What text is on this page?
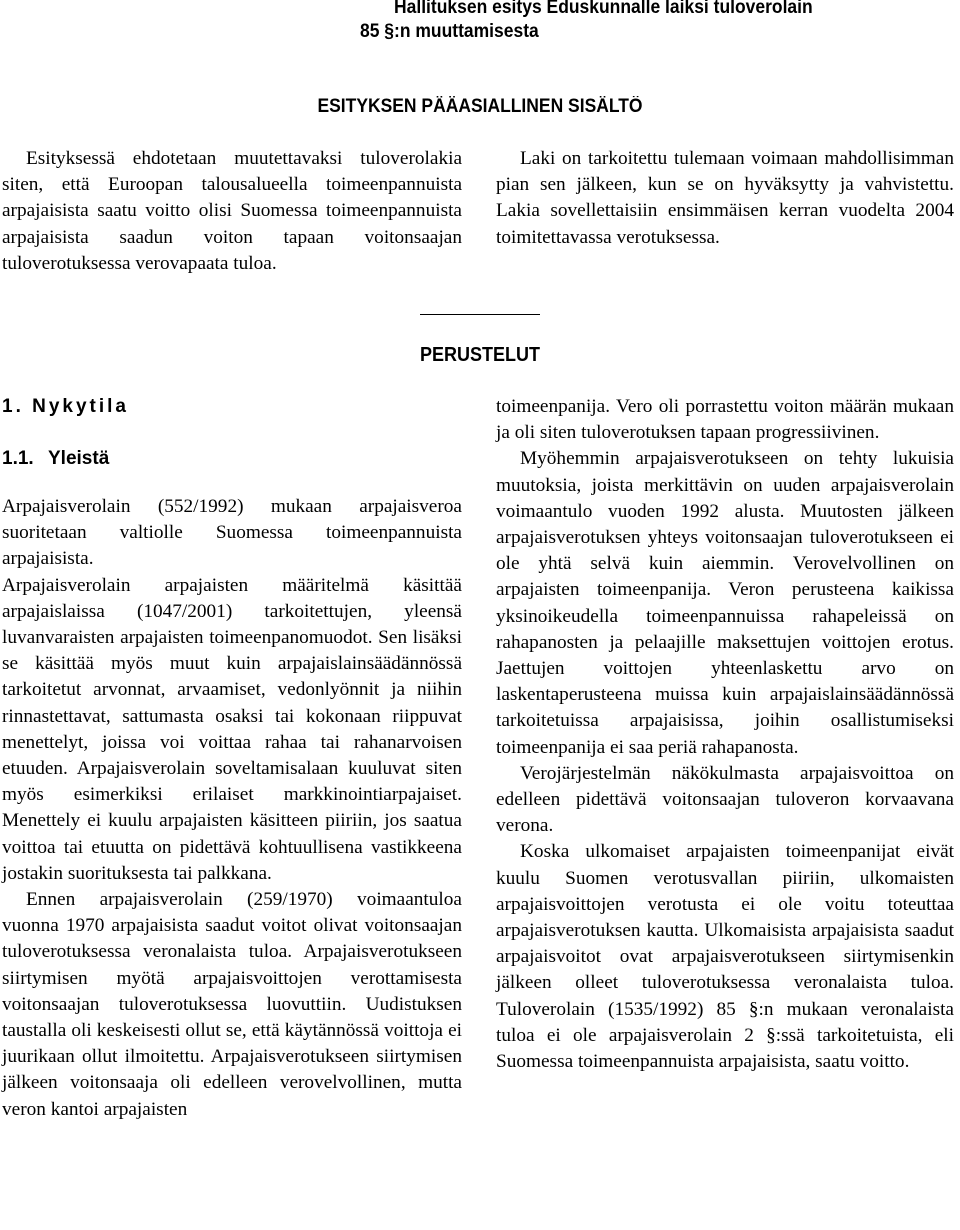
Hallituksen esitys Eduskunnalle laiksi tuloverolain
85 §:n muuttamisesta
ESITYKSEN PÄÄASIALLINEN SISÄLTÖ

Esityksessä ehdotetaan muutettavaksi tuloverolakia siten, että Euroopan talousalueella toimeenpannuista arpajaisista saatu voitto olisi Suomessa toimeenpannuista arpajaisista saadun voiton tapaan voitonsaajan tuloverotuksessa verovapaata tuloa.

Laki on tarkoitettu tulemaan voimaan mahdollisimman pian sen jälkeen, kun se on hyväksytty ja vahvistettu. Lakia sovellettaisiin ensimmäisen kerran vuodelta 2004 toimitettavassa verotuksessa.

PERUSTELUT
1. Nykytila
1.1. Yleistä

Arpajaisverolain (552/1992) mukaan arpajaisveroa suoritetaan valtiolle Suomessa toimeenpannuista arpajaisista.

Arpajaisverolain arpajaisten määritelmä käsittää arpajaislaissa (1047/2001) tarkoitettujen, yleensä luvanvaraisten arpajaisten toimeenpanomuodot. Sen lisäksi se käsittää myös muut kuin arpajaislainsäädännössä tarkoitetut arvonnat, arvaamiset, vedonlyönnit ja niihin rinnastettavat, sattumasta osaksi tai kokonaan riippuvat menettelyt, joissa voi voittaa rahaa tai rahanarvoisen etuuden. Arpajaisverolain soveltamisalaan kuuluvat siten myös esimerkiksi erilaiset markkinointiarpajaiset. Menettely ei kuulu arpajaisten käsitteen piiriin, jos saatua voittoa tai etuutta on pidettävä kohtuullisena vastikkeena jostakin suorituksesta tai palkkana.

Ennen arpajaisverolain (259/1970) voimaantuloa vuonna 1970 arpajaisista saadut voitot olivat voitonsaajan tuloverotuksessa veronalaista tuloa. Arpajaisverotukseen siirtymisen myötä arpajaisvoittojen verottamisesta voitonsaajan tuloverotuksessa luovuttiin. Uudistuksen taustalla oli keskeisesti ollut se, että käytännössä voittoja ei juurikaan ollut ilmoitettu. Arpajaisverotukseen siirtymisen jälkeen voitonsaaja oli edelleen verovelvollinen, mutta veron kantoi arpajaisten

toimeenpanija. Vero oli porrastettu voiton määrän mukaan ja oli siten tuloverotuksen tapaan progressiivinen.

Myöhemmin arpajaisverotukseen on tehty lukuisia muutoksia, joista merkittävin on uuden arpajaisverolain voimaantulo vuoden 1992 alusta. Muutosten jälkeen arpajaisverotuksen yhteys voitonsaajan tuloverotukseen ei ole yhtä selvä kuin aiemmin. Verovelvollinen on arpajaisten toimeenpanija. Veron perusteena kaikissa yksinoikeudella toimeenpannuissa rahapeleissä on rahapanosten ja pelaajille maksettujen voittojen erotus. Jaettujen voittojen yhteenlaskettu arvo on laskentaperusteena muissa kuin arpajaislainsäädännössä tarkoitetuissa arpajaisissa, joihin osallistumiseksi toimeenpanija ei saa periä rahapanosta.

Verojärjestelmän näkökulmasta arpajaisvoittoa on edelleen pidettävä voitonsaajan tuloveron korvaavana verona.

Koska ulkomaiset arpajaisten toimeenpanijat eivät kuulu Suomen verotusvallan piiriin, ulkomaisten arpajaisvoittojen verotusta ei ole voitu toteuttaa arpajaisverotuksen kautta. Ulkomaisista arpajaisista saadut arpajaisvoitot ovat arpajaisverotukseen siirtymisenkin jälkeen olleet tuloverotuksessa veronalaista tuloa. Tuloverolain (1535/1992) 85 §:n mukaan veronalaista tuloa ei ole arpajaisverolain 2 §:ssä tarkoitetuista, eli Suomessa toimeenpannuista arpajaisista, saatu voitto.
